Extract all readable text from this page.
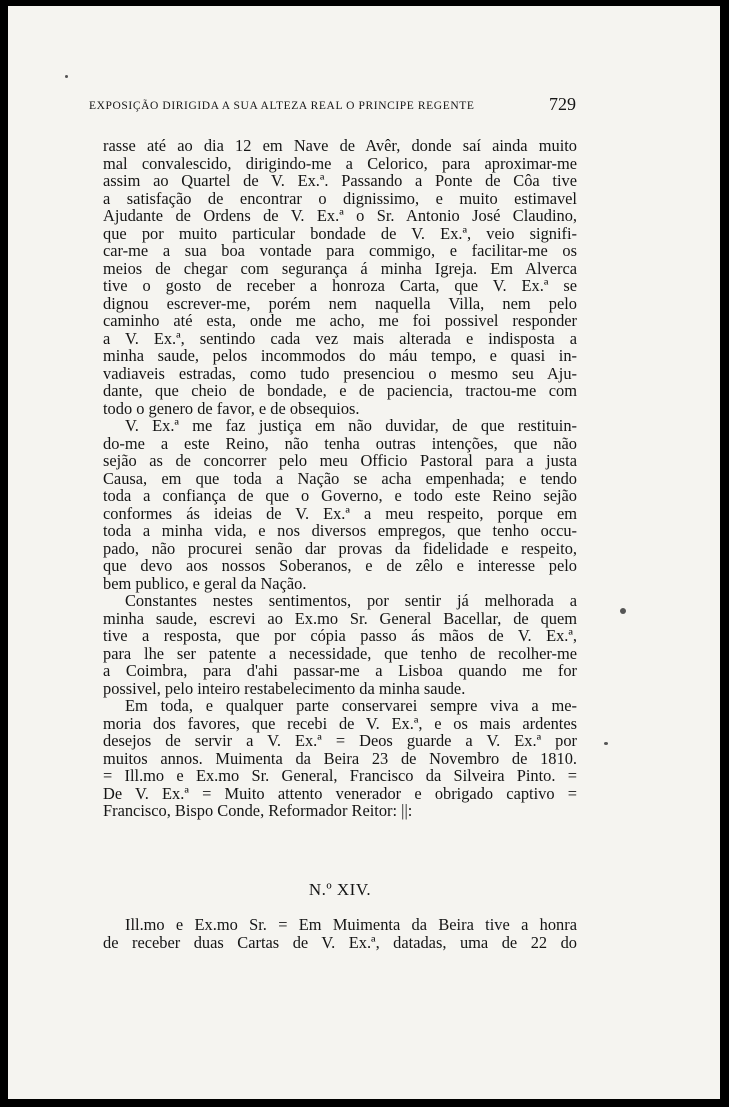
EXPOSIÇÃO DIRIGIDA A SUA ALTEZA REAL O PRINCIPE REGENTE	729
rasse até ao dia 12 em Nave de Avêr, donde saí ainda muito
mal convalescido, dirigindo-me a Celorico, para aproximar-me
assim ao Quartel de V. Ex.ª. Passando a Ponte de Côa tive
a satisfação de encontrar o dignissimo, e muito estimavel
Ajudante de Ordens de V. Ex.ª o Sr. Antonio José Claudino,
que por muito particular bondade de V. Ex.ª, veio signifi-
car-me a sua boa vontade para commigo, e facilitar-me os
meios de chegar com segurança á minha Igreja. Em Alverca
tive o gosto de receber a honroza Carta, que V. Ex.ª se
dignou escrever-me, porém nem naquella Villa, nem pelo
caminho até esta, onde me acho, me foi possivel responder
a V. Ex.ª, sentindo cada vez mais alterada e indisposta a
minha saude, pelos incommodos do máu tempo, e quasi in-
vadiaveis estradas, como tudo presenciou o mesmo seu Aju-
dante, que cheio de bondade, e de paciencia, tractou-me com
todo o genero de favor, e de obsequios.
V. Ex.ª me faz justiça em não duvidar, de que restituin-
do-me a este Reino, não tenha outras intenções, que não
sejão as de concorrer pelo meu Officio Pastoral para a justa
Causa, em que toda a Nação se acha empenhada; e tendo
toda a confiança de que o Governo, e todo este Reino sejão
conformes ás ideias de V. Ex.ª a meu respeito, porque em
toda a minha vida, e nos diversos empregos, que tenho occu-
pado, não procurei senão dar provas da fidelidade e respeito,
que devo aos nossos Soberanos, e de zêlo e interesse pelo
bem publico, e geral da Nação.
Constantes nestes sentimentos, por sentir já melhorada a
minha saude, escrevi ao Ex.mo Sr. General Bacellar, de quem
tive a resposta, que por cópia passo ás mãos de V. Ex.ª,
para lhe ser patente a necessidade, que tenho de recolher-me
a Coimbra, para d'ahi passar-me a Lisboa quando me for
possivel, pelo inteiro restabelecimento da minha saude.
Em toda, e qualquer parte conservarei sempre viva a me-
moria dos favores, que recebi de V. Ex.ª, e os mais ardentes
desejos de servir a V. Ex.ª = Deos guarde a V. Ex.ª por
muitos annos. Muimenta da Beira 23 de Novembro de 1810.
= Ill.mo e Ex.mo Sr. General, Francisco da Silveira Pinto. =
De V. Ex.ª = Muito attento venerador e obrigado captivo =
Francisco, Bispo Conde, Reformador Reitor: ||:
N.º XIV.
Ill.mo e Ex.mo Sr. = Em Muimenta da Beira tive a honra
de receber duas Cartas de V. Ex.ª, datadas, uma de 22 do
